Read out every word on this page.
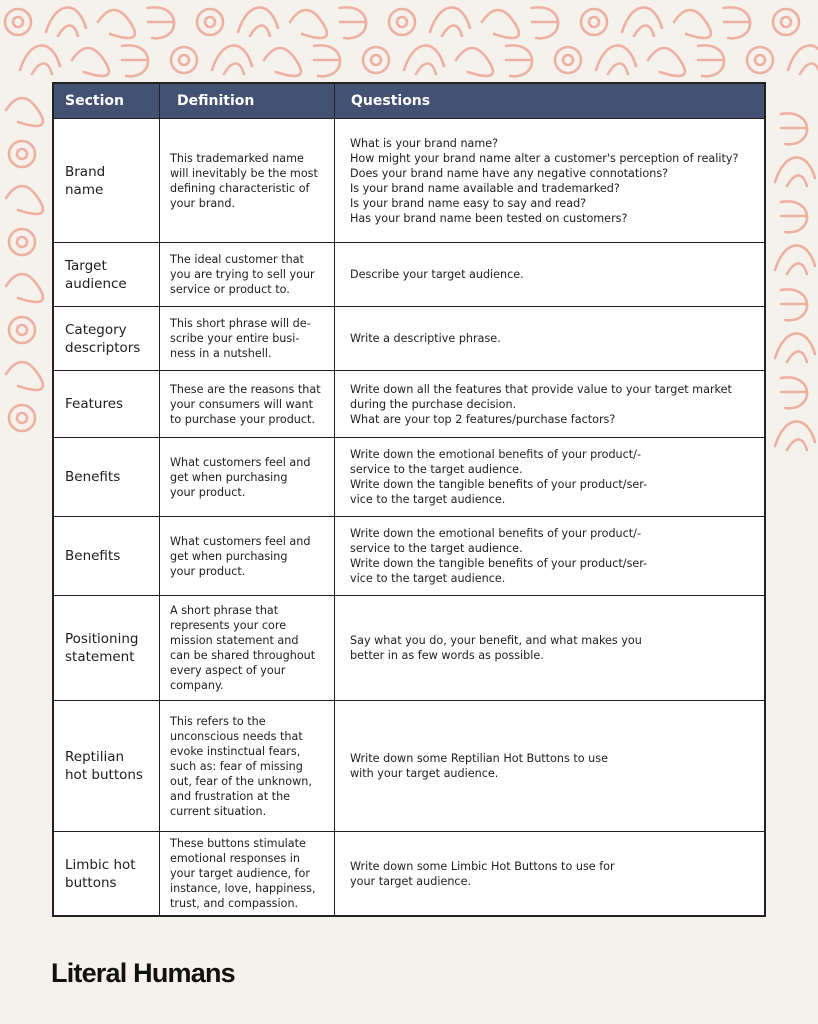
Section	Definition	Questions
Brand
name
This trademarked name
will inevitably be the most
defining characteristic of
your brand.
What is your brand name?
How might your brand name alter a customer's perception of reality?
Does your brand name have any negative connotations?
Is your brand name available and trademarked?
Is your brand name easy to say and read?
Has your brand name been tested on customers?
Target
audience
The ideal customer that
you are trying to sell your
service or product to.
Describe your target audience.
Category
descriptors
This short phrase will de-
scribe your entire busi-
ness in a nutshell.
Write a descriptive phrase.
Features
These are the reasons that
your consumers will want
to purchase your product.
Write down all the features that provide value to your target market
during the purchase decision.
What are your top 2 features/purchase factors?
Benefits
What customers feel and
get when purchasing
your product.
Write down the emotional benefits of your product/-
service to the target audience.
Write down the tangible benefits of your product/ser-
vice to the target audience.
Benefits
What customers feel and
get when purchasing
your product.
Write down the emotional benefits of your product/-
service to the target audience.
Write down the tangible benefits of your product/ser-
vice to the target audience.
Positioning
statement
A short phrase that
represents your core
mission statement and
can be shared throughout
every aspect of your
company.
Say what you do, your benefit, and what makes you
better in as few words as possible.
Reptilian
hot buttons
This refers to the
unconscious needs that
evoke instinctual fears,
such as: fear of missing
out, fear of the unknown,
and frustration at the
current situation.
Write down some Reptilian Hot Buttons to use
with your target audience.
Limbic hot
buttons
These buttons stimulate
emotional responses in
your target audience, for
instance, love, happiness,
trust, and compassion.
Write down some Limbic Hot Buttons to use for
your target audience.
Literal Humans
